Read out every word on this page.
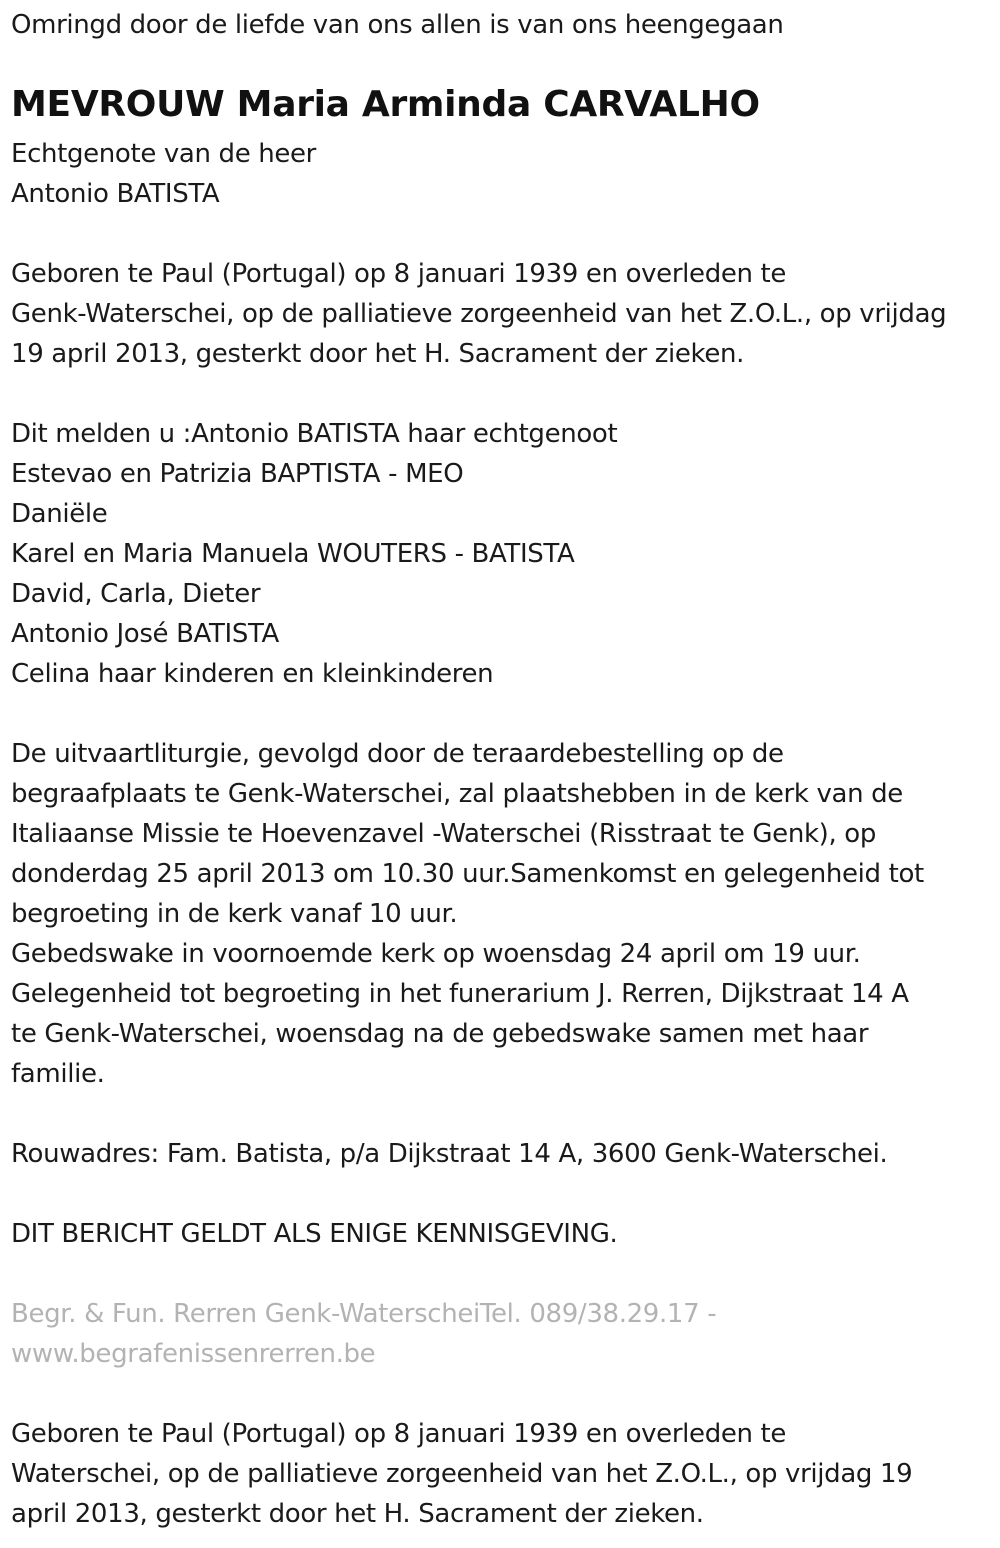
Omringd door de liefde van ons allen is van ons heengegaan
MEVROUW Maria Arminda CARVALHO
Echtgenote van de heer
Antonio BATISTA
Geboren te Paul (Portugal) op 8 januari 1939 en overleden te
Genk-Waterschei, op de palliatieve zorgeenheid van het Z.O.L., op vrijdag
19 april 2013, gesterkt door het H. Sacrament der zieken.
Dit melden u :Antonio BATISTA haar echtgenoot
Estevao en Patrizia BAPTISTA - MEO
Daniële
Karel en Maria Manuela WOUTERS - BATISTA
David, Carla, Dieter
Antonio José BATISTA
Celina haar kinderen en kleinkinderen
De uitvaartliturgie, gevolgd door de teraardebestelling op de
begraafplaats te Genk-Waterschei, zal plaatshebben in de kerk van de
Italiaanse Missie te Hoevenzavel -Waterschei (Risstraat te Genk), op
donderdag 25 april 2013 om 10.30 uur.Samenkomst en gelegenheid tot
begroeting in de kerk vanaf 10 uur.
Gebedswake in voornoemde kerk op woensdag 24 april om 19 uur.
Gelegenheid tot begroeting in het funerarium J. Rerren, Dijkstraat 14 A
te Genk-Waterschei, woensdag na de gebedswake samen met haar
familie.
Rouwadres: Fam. Batista, p/a Dijkstraat 14 A, 3600 Genk-Waterschei.
DIT BERICHT GELDT ALS ENIGE KENNISGEVING.
Begr. & Fun. Rerren Genk-WaterscheiTel. 089/38.29.17 -
www.begrafenissenrerren.be
Geboren te Paul (Portugal) op 8 januari 1939 en overleden te
Waterschei, op de palliatieve zorgeenheid van het Z.O.L., op vrijdag 19
april 2013, gesterkt door het H. Sacrament der zieken.
